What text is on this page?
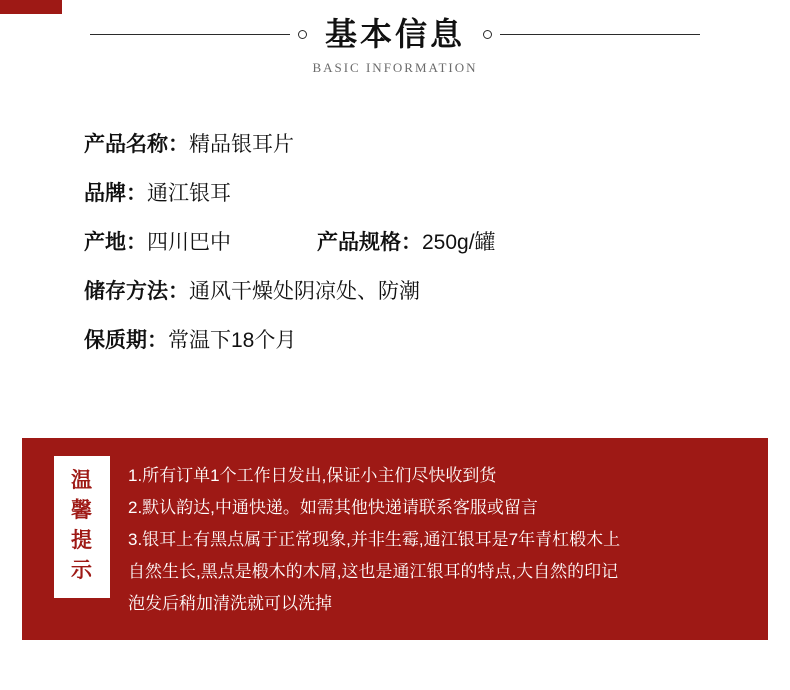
基本信息
BASIC INFORMATION
产品名称： 精品银耳片
品牌： 通江银耳
产地： 四川巴中	产品规格： 250g/罐
储存方法： 通风干燥处阴凉处、防潮
保质期： 常温下18个月
温
馨
提
示

1.所有订单1个工作日发出,保证小主们尽快收到货

2.默认韵达,中通快递。如需其他快递请联系客服或留言

3.银耳上有黑点属于正常现象,并非生霉,通江银耳是7年青杠椴木上

自然生长,黑点是椴木的木屑,这也是通江银耳的特点,大自然的印记

泡发后稍加清洗就可以洗掉
